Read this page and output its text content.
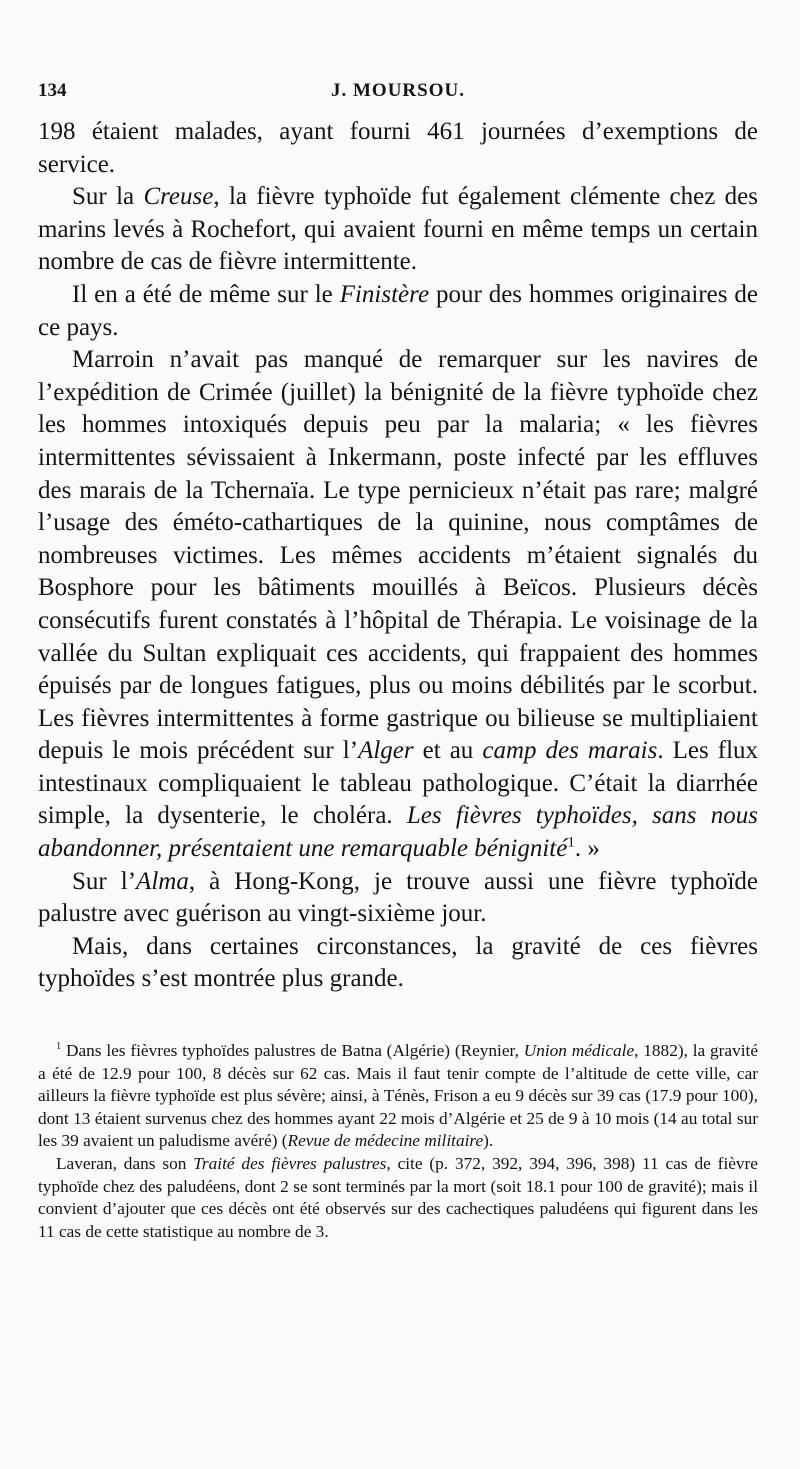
134	J. MOURSOU.

198 étaient malades, ayant fourni 461 journées d’exemptions de service.

Sur la Creuse, la fièvre typhoïde fut également clémente chez des marins levés à Rochefort, qui avaient fourni en même temps un certain nombre de cas de fièvre intermittente.

Il en a été de même sur le Finistère pour des hommes originaires de ce pays.

Marroin n’avait pas manqué de remarquer sur les navires de l’expédition de Crimée (juillet) la bénignité de la fièvre typhoïde chez les hommes intoxiqués depuis peu par la malaria; « les fièvres intermittentes sévissaient à Inkermann, poste infecté par les effluves des marais de la Tchernaïa. Le type pernicieux n’était pas rare; malgré l’usage des éméto-cathartiques de la quinine, nous comptâmes de nombreuses victimes. Les mêmes accidents m’étaient signalés du Bosphore pour les bâtiments mouillés à Beïcos. Plusieurs décès consécutifs furent constatés à l’hôpital de Thérapia. Le voisinage de la vallée du Sultan expliquait ces accidents, qui frappaient des hommes épuisés par de longues fatigues, plus ou moins débilités par le scorbut. Les fièvres intermittentes à forme gastrique ou bilieuse se multipliaient depuis le mois précédent sur l’Alger et au camp des marais. Les flux intestinaux compliquaient le tableau pathologique. C’était la diarrhée simple, la dysenterie, le choléra. Les fièvres typhoïdes, sans nous abandonner, présentaient une remarquable bénignité$^1$. »

Sur l’Alma, à Hong-Kong, je trouve aussi une fièvre typhoïde palustre avec guérison au vingt-sixième jour.

Mais, dans certaines circonstances, la gravité de ces fièvres typhoïdes s’est montrée plus grande.

$^1$ Dans les fièvres typhoïdes palustres de Batna (Algérie) (Reynier, Union médicale, 1882), la gravité a été de 12.9 pour 100, 8 décès sur 62 cas. Mais il faut tenir compte de l’altitude de cette ville, car ailleurs la fièvre typhoïde est plus sévère; ainsi, à Ténès, Frison a eu 9 décès sur 39 cas (17.9 pour 100), dont 13 étaient survenus chez des hommes ayant 22 mois d’Algérie et 25 de 9 à 10 mois (14 au total sur les 39 avaient un paludisme avéré) (Revue de médecine militaire).

Laveran, dans son Traité des fièvres palustres, cite (p. 372, 392, 394, 396, 398) 11 cas de fièvre typhoïde chez des paludéens, dont 2 se sont terminés par la mort (soit 18.1 pour 100 de gravité); mais il convient d’ajouter que ces décès ont été observés sur des cachectiques paludéens qui figurent dans les 11 cas de cette statistique au nombre de 3.
